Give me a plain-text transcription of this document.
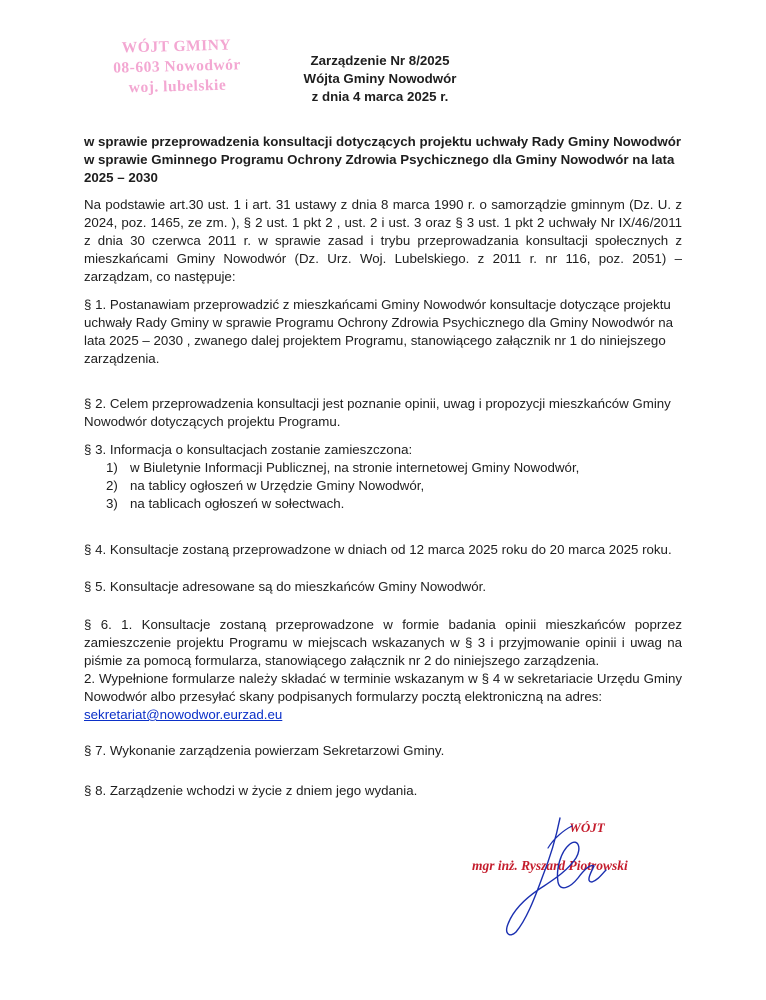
WÓJT GMINY
08-603 Nowodwór
woj. lubelskie
Zarządzenie Nr 8/2025
Wójta Gminy Nowodwór
z dnia 4 marca 2025 r.
w sprawie przeprowadzenia konsultacji dotyczących projektu uchwały Rady Gminy Nowodwór w sprawie Gminnego Programu Ochrony Zdrowia Psychicznego dla Gminy Nowodwór na lata 2025 – 2030
Na podstawie art.30 ust. 1 i art. 31 ustawy z dnia 8 marca 1990 r. o samorządzie gminnym (Dz. U. z 2024, poz. 1465, ze zm. ), § 2 ust. 1 pkt 2 , ust. 2 i ust. 3 oraz § 3 ust. 1 pkt 2 uchwały Nr IX/46/2011 z dnia 30 czerwca 2011 r. w sprawie zasad i trybu przeprowadzania konsultacji społecznych z mieszkańcami Gminy Nowodwór (Dz. Urz. Woj. Lubelskiego. z 2011 r. nr 116, poz. 2051) – zarządzam, co następuje:
§ 1. Postanawiam przeprowadzić z mieszkańcami Gminy Nowodwór konsultacje dotyczące projektu uchwały Rady Gminy w sprawie Programu Ochrony Zdrowia Psychicznego dla Gminy Nowodwór na lata 2025 – 2030 , zwanego dalej projektem Programu, stanowiącego załącznik nr 1 do niniejszego zarządzenia.
§ 2. Celem przeprowadzenia konsultacji jest poznanie opinii, uwag i propozycji mieszkańców Gminy Nowodwór dotyczących projektu Programu.
§ 3. Informacja o konsultacjach zostanie zamieszczona:
1) w Biuletynie Informacji Publicznej, na stronie internetowej Gminy Nowodwór,
2) na tablicy ogłoszeń w Urzędzie Gminy Nowodwór,
3) na tablicach ogłoszeń w sołectwach.
§ 4. Konsultacje zostaną przeprowadzone w dniach od 12 marca 2025 roku do 20 marca 2025 roku.
§ 5. Konsultacje adresowane są do mieszkańców Gminy Nowodwór.
§ 6. 1. Konsultacje zostaną przeprowadzone w formie badania opinii mieszkańców poprzez zamieszczenie projektu Programu w miejscach wskazanych w § 3 i przyjmowanie opinii i uwag na piśmie za pomocą formularza, stanowiącego załącznik nr 2 do niniejszego zarządzenia.
2. Wypełnione formularze należy składać w terminie wskazanym w § 4 w sekretariacie Urzędu Gminy Nowodwór albo przesyłać skany podpisanych formularzy pocztą elektroniczną na adres:
sekretariat@nowodwor.eurzad.eu
§ 7. Wykonanie zarządzenia powierzam Sekretarzowi Gminy.
§ 8. Zarządzenie wchodzi w życie z dniem jego wydania.
WÓJT
mgr inż. Ryszard Piotrowski
